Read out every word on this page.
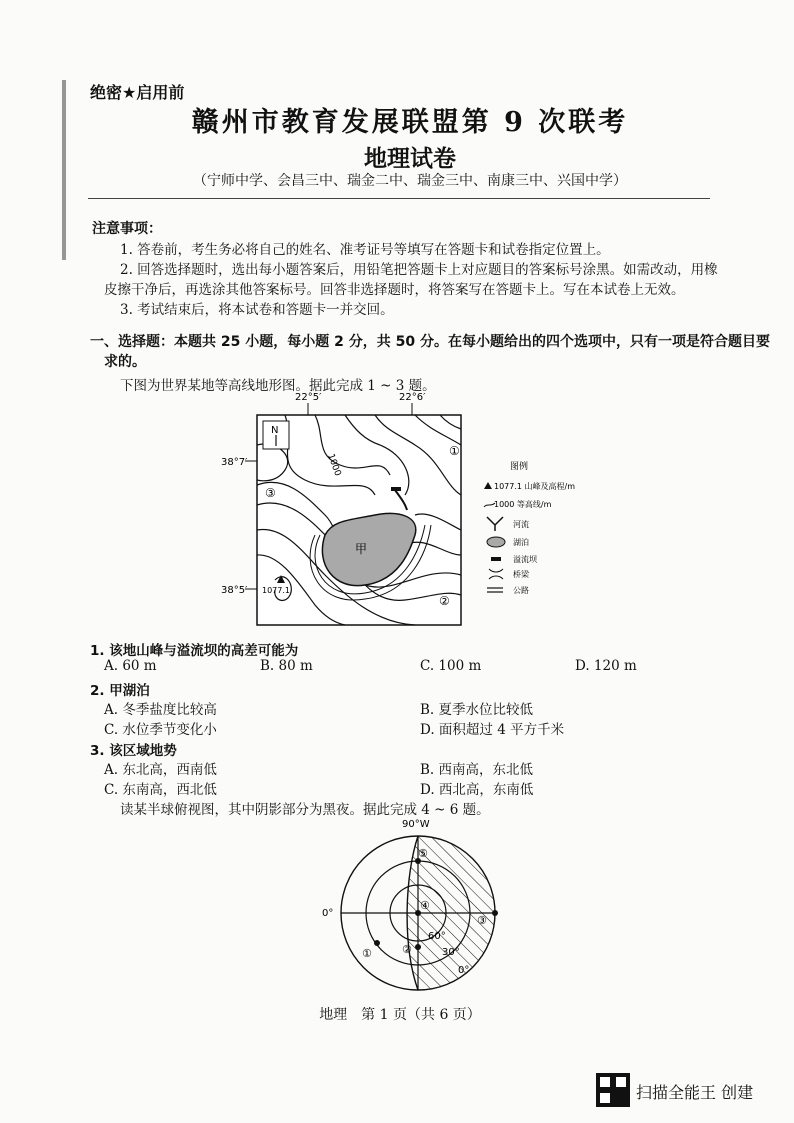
绝密★启用前
赣州市教育发展联盟第 9 次联考
地理试卷
（宁师中学、会昌三中、瑞金二中、瑞金三中、南康三中、兴国中学）
注意事项：
1. 答卷前，考生务必将自己的姓名、准考证号等填写在答题卡和试卷指定位置上。
2. 回答选择题时，选出每小题答案后，用铅笔把答题卡上对应题目的答案标号涂黑。如需改动，用橡
皮擦干净后，再选涂其他答案标号。回答非选择题时，将答案写在答题卡上。写在本试卷上无效。
3. 考试结束后，将本试卷和答题卡一并交回。
一、选择题：本题共 25 小题，每小题 2 分，共 50 分。在每小题给出的四个选项中，只有一项是符合题目要
求的。
下图为世界某地等高线地形图。据此完成 1 ~ 3 题。
22°5′	22°6′
38°7′
38°5′
甲
N
1000
1077.1
①
②
③
图例
1077.1 山峰及高程/m
1000 等高线/m
河流
湖泊
溢流坝
桥梁
公路
1. 该地山峰与溢流坝的高差可能为
A. 60 m	B. 80 m	C. 100 m	D. 120 m
2. 甲湖泊
A. 冬季盐度比较高	B. 夏季水位比较低
C. 水位季节变化小	D. 面积超过 4 平方千米
3. 该区域地势
A. 东北高，西南低	B. 西南高，东北低
C. 东南高，西北低	D. 西北高，东南低
读某半球俯视图，其中阴影部分为黑夜。据此完成 4 ~ 6 题。
90°W
0°
⑤
④
③
②
①
60°
30°
0°
地理　第 1 页（共 6 页）
扫描全能王 创建
